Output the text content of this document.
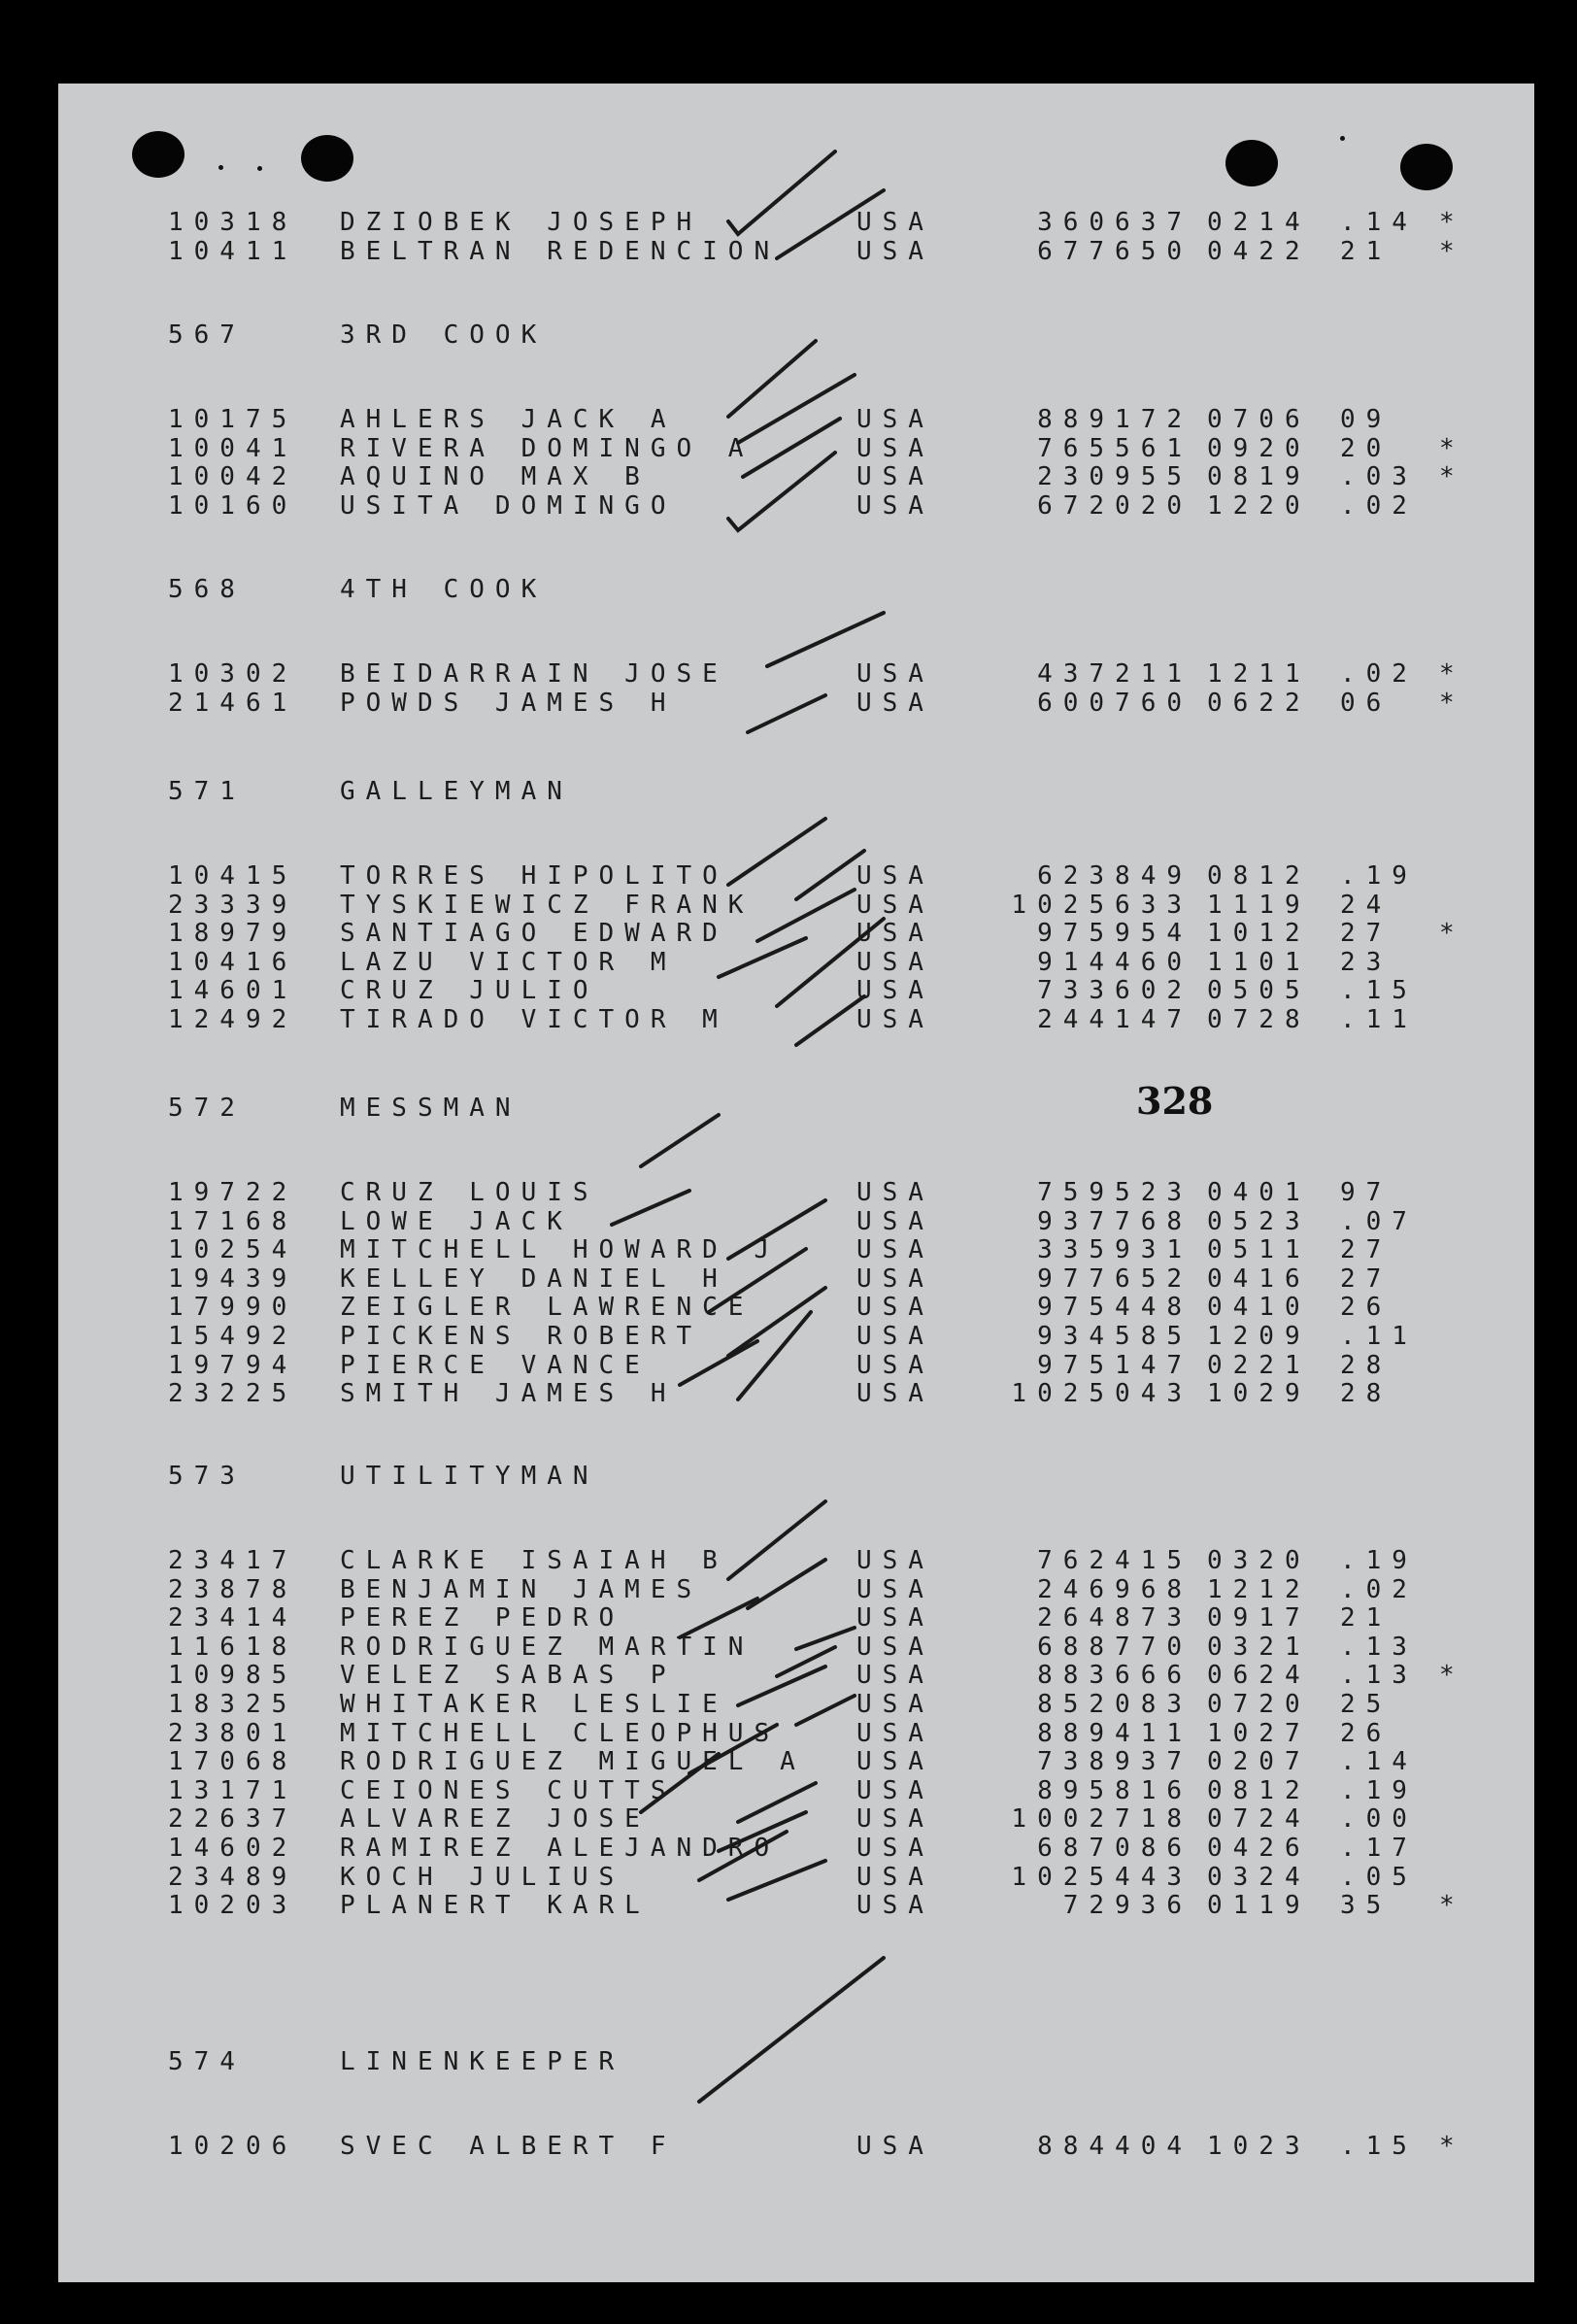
10318 DZIOBEK JOSEPH	USA	360637 0214 .14 *
10411 BELTRAN REDENCION	USA	677650 0422 21 *
567	3RD COOK
10175 AHLERS JACK A	USA	889172 0706 09
10041 RIVERA DOMINGO A	USA	765561 0920 20 *
10042 AQUINO MAX B	USA	230955 0819 .03 *
10160 USITA DOMINGO	USA	672020 1220 .02
568	4TH COOK
10302 BEIDARRAIN JOSE	USA	437211 1211 .02 *
21461 POWDS JAMES H	USA	600760 0622 06 *
571	GALLEYMAN
10415 TORRES HIPOLITO	USA	623849 0812 .19
23339 TYSKIEWICZ FRANK	USA	1025633 1119 24
18979 SANTIAGO EDWARD	USA	975954 1012 27 *
10416 LAZU VICTOR M	USA	914460 1101 23
14601 CRUZ JULIO	USA	733602 0505 .15
12492 TIRADO VICTOR M	USA	244147 0728 .11
572	MESSMAN
19722 CRUZ LOUIS	USA	759523 0401 97
17168 LOWE JACK	USA	937768 0523 .07
10254 MITCHELL HOWARD J	USA	335931 0511 27
19439 KELLEY DANIEL H	USA	977652 0416 27
17990 ZEIGLER LAWRENCE	USA	975448 0410 26
15492 PICKENS ROBERT	USA	934585 1209 .11
19794 PIERCE VANCE	USA	975147 0221 28
23225 SMITH JAMES H	USA	1025043 1029 28
573	UTILITYMAN
23417 CLARKE ISAIAH B	USA	762415 0320 .19
23878 BENJAMIN JAMES	USA	246968 1212 .02
23414 PEREZ PEDRO	USA	264873 0917 21
11618 RODRIGUEZ MARTIN	USA	688770 0321 .13
10985 VELEZ SABAS P	USA	883666 0624 .13 *
18325 WHITAKER LESLIE	USA	852083 0720 25
23801 MITCHELL CLEOPHUS	USA	889411 1027 26
17068 RODRIGUEZ MIGUEL A USA	738937 0207 .14
13171 CEIONES CUTTS	USA	895816 0812 .19
22637 ALVAREZ JOSE	USA	1002718 0724 .00
14602 RAMIREZ ALEJANDRO	USA	687086 0426 .17
23489 KOCH JULIUS	USA	1025443 0324 .05
10203 PLANERT KARL	USA	72936 0119 35 *
574	LINENKEEPER
10206 SVEC ALBERT F	USA	884404 1023 .15 *
328
